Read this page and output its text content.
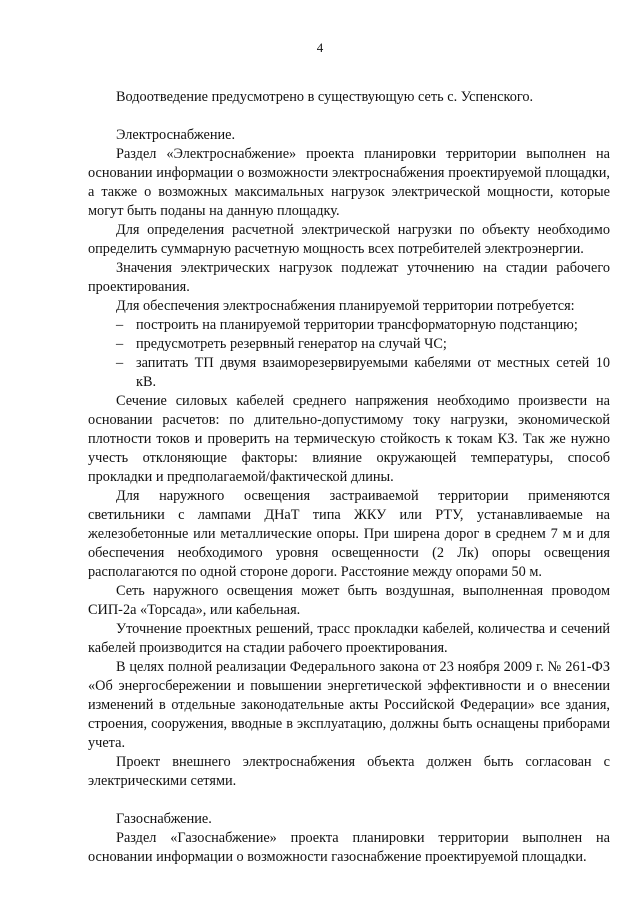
4

Водоотведение предусмотрено в существующую сеть с. Успенского.

Электроснабжение.

Раздел «Электроснабжение» проекта планировки территории выполнен на основании информации о возможности электроснабжения проектируемой площадки, а также о возможных максимальных нагрузок электрической мощности, которые могут быть поданы на данную площадку.

Для определения расчетной электрической нагрузки по объекту необходимо определить суммарную расчетную мощность всех потребителей электроэнергии.

Значения электрических нагрузок подлежат уточнению на стадии рабочего проектирования.

Для обеспечения электроснабжения планируемой территории потребуется:

– построить на планируемой территории трансформаторную подстанцию;
– предусмотреть резервный генератор на случай ЧС;
– запитать ТП двумя взаиморезервируемыми кабелями от местных сетей 10 кВ.

Сечение силовых кабелей среднего напряжения необходимо произвести на основании расчетов: по длительно-допустимому току нагрузки, экономической плотности токов и проверить на термическую стойкость к токам КЗ. Так же нужно учесть отклоняющие факторы: влияние окружающей температуры, способ прокладки и предполагаемой/фактической длины.

Для наружного освещения застраиваемой территории применяются светильники с лампами ДНаТ типа ЖКУ или РТУ, устанавливаемые на железобетонные или металлические опоры. При ширена дорог в среднем 7 м и для обеспечения необходимого уровня освещенности (2 Лк) опоры освещения располагаются по одной стороне дороги. Расстояние между опорами 50 м.

Сеть наружного освещения может быть воздушная, выполненная проводом СИП-2а «Торсада», или кабельная.

Уточнение проектных решений, трасс прокладки кабелей, количества и сечений кабелей производится на стадии рабочего проектирования.

В целях полной реализации Федерального закона от 23 ноября 2009 г. № 261-ФЗ «Об энергосбережении и повышении энергетической эффективности и о внесении изменений в отдельные законодательные акты Российской Федерации» все здания, строения, сооружения, вводные в эксплуатацию, должны быть оснащены приборами учета.

Проект внешнего электроснабжения объекта должен быть согласован с электрическими сетями.

Газоснабжение.

Раздел «Газоснабжение» проекта планировки территории выполнен на основании информации о возможности газоснабжение проектируемой площадки.
